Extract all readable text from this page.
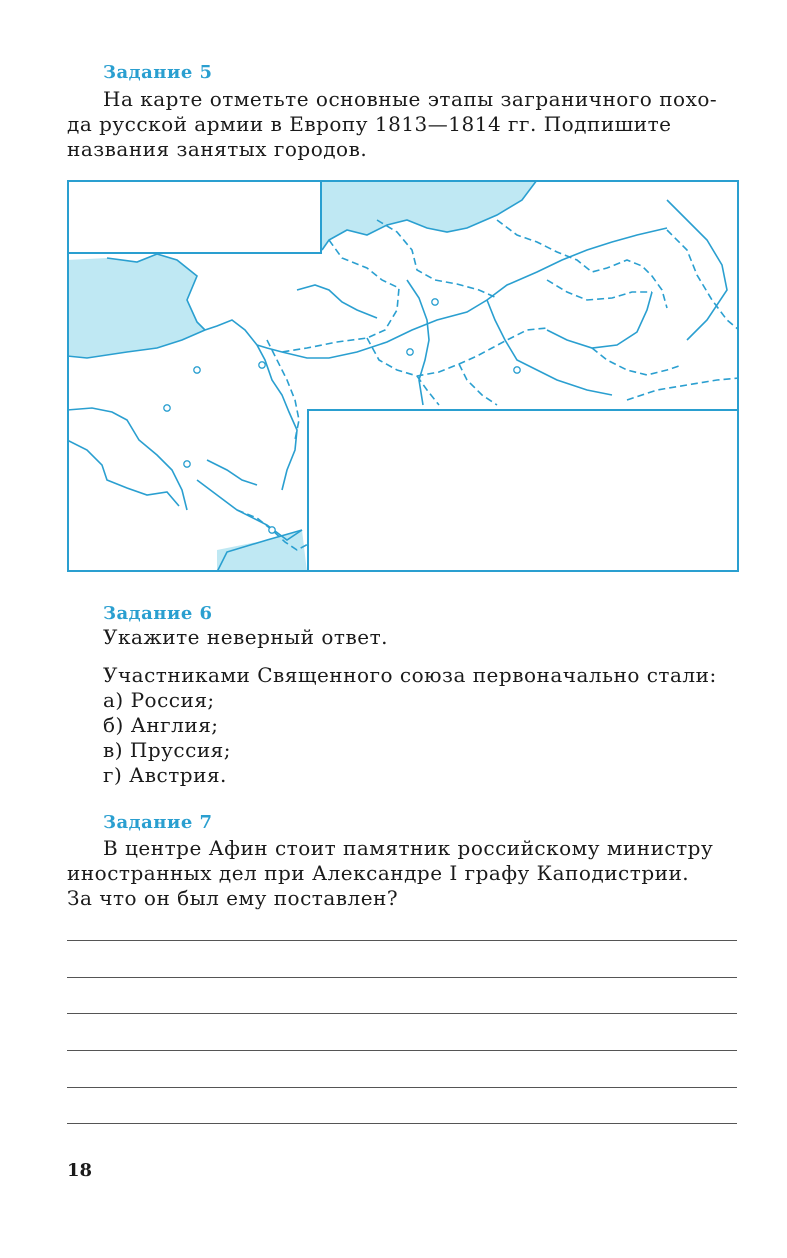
Задание 5
На карте отметьте основные этапы заграничного похо-
да русской армии в Европу 1813—1814 гг. Подпишите
названия занятых городов.
Задание 6
Укажите неверный ответ.
Участниками Священного союза первоначально стали:
а) Россия;
б) Англия;
в) Пруссия;
г) Австрия.
Задание 7
В центре Афин стоит памятник российскому министру
иностранных дел при Александре I графу Каподистрии.
За что он был ему поставлен?
18
